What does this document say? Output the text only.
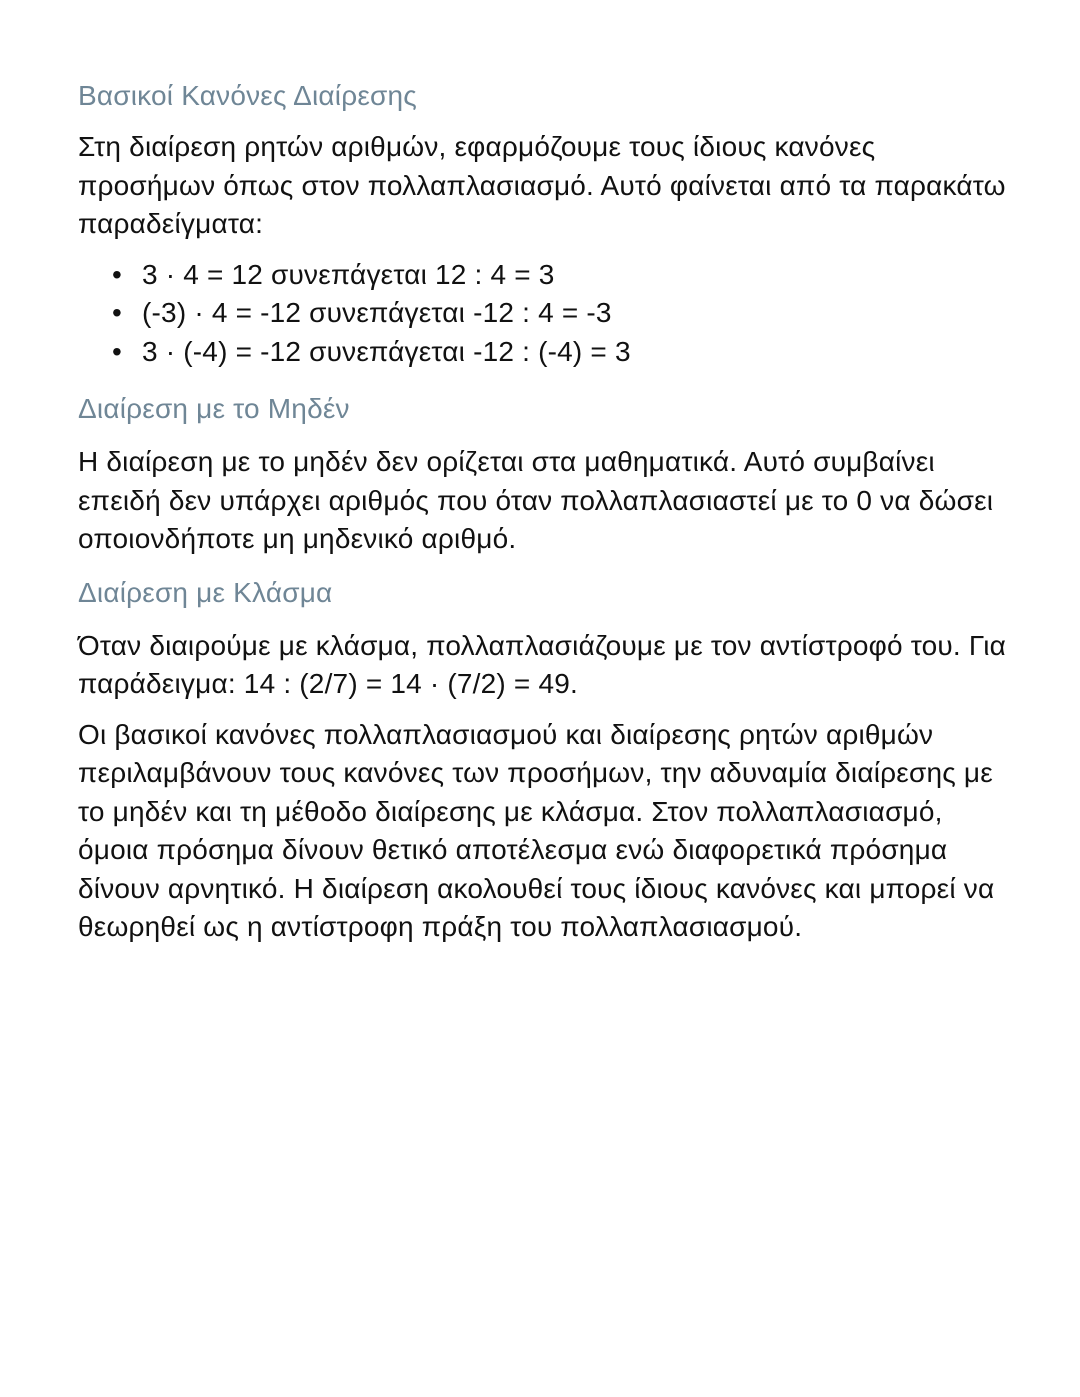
Βασικοί Κανόνες Διαίρεσης

Στη διαίρεση ρητών αριθμών, εφαρμόζουμε τους ίδιους κανόνες προσήμων όπως στον πολλαπλασιασμό. Αυτό φαίνεται από τα παρακάτω παραδείγματα:

• 3 · 4 = 12 συνεπάγεται 12 : 4 = 3
• (-3) · 4 = -12 συνεπάγεται -12 : 4 = -3
• 3 · (-4) = -12 συνεπάγεται -12 : (-4) = 3
Διαίρεση με το Μηδέν

Η διαίρεση με το μηδέν δεν ορίζεται στα μαθηματικά. Αυτό συμβαίνει επειδή δεν υπάρχει αριθμός που όταν πολλαπλασιαστεί με το 0 να δώσει οποιονδήποτε μη μηδενικό αριθμό.

Διαίρεση με Κλάσμα

Όταν διαιρούμε με κλάσμα, πολλαπλασιάζουμε με τον αντίστροφό του. Για παράδειγμα: 14 : (2/7) = 14 · (7/2) = 49.

Οι βασικοί κανόνες πολλαπλασιασμού και διαίρεσης ρητών αριθμών περιλαμβάνουν τους κανόνες των προσήμων, την αδυναμία διαίρεσης με το μηδέν και τη μέθοδο διαίρεσης με κλάσμα. Στον πολλαπλασιασμό, όμοια πρόσημα δίνουν θετικό αποτέλεσμα ενώ διαφορετικά πρόσημα δίνουν αρνητικό. Η διαίρεση ακολουθεί τους ίδιους κανόνες και μπορεί να θεωρηθεί ως η αντίστροφη πράξη του πολλαπλασιασμού.
